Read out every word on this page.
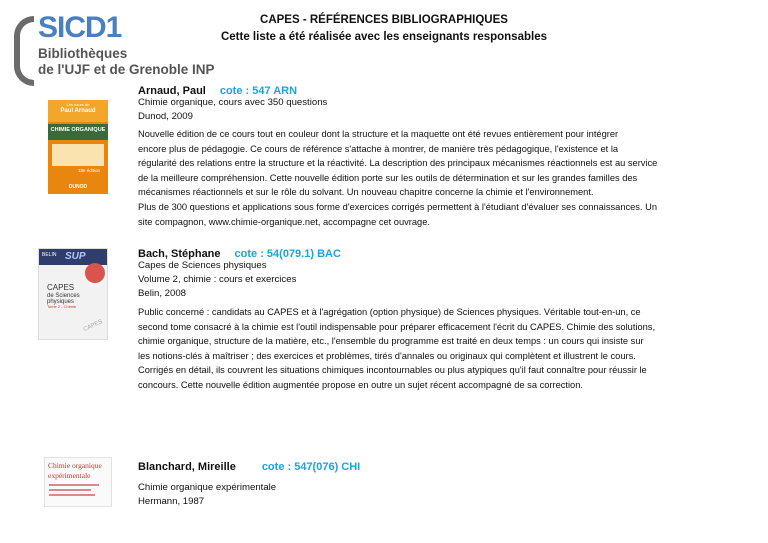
SICD1
Bibliothèques
de l'UJF et de Grenoble INP
CAPES - RÉFÉRENCES BIBLIOGRAPHIQUES
Cette liste a été réalisée avec les enseignants responsables
Les cours de
Paul Arnaud
CHIMIE ORGANIQUE
18e édition
DUNOD
Arnaud, Paul cote : 547 ARN
Chimie organique, cours avec 350 questions
Dunod, 2009
Nouvelle édition de ce cours tout en couleur dont la structure et la maquette ont été revues entièrement pour intégrer
encore plus de pédagogie. Ce cours de référence s'attache à montrer, de manière très pédagogique, l'existence et la
régularité des relations entre la structure et la réactivité. La description des principaux mécanismes réactionnels est au service
de la meilleure compréhension. Cette nouvelle édition porte sur les outils de détermination et sur les grandes familles des
mécanismes réactionnels et sur le rôle du solvant. Un nouveau chapitre concerne la chimie et l'environnement.
Plus de 300 questions et applications sous forme d'exercices corrigés permettent à l'étudiant d'évaluer ses connaissances. Un
site compagnon, www.chimie-organique.net, accompagne cet ouvrage.
BELIN SUP
CAPES
de Sciences physiques
Tome 2 - Chimie
CAPES
Bach, Stéphane cote : 54(079.1) BAC
Capes de Sciences physiques
Volume 2, chimie : cours et exercices
Belin, 2008
Public concerné : candidats au CAPES et à l'agrégation (option physique) de Sciences physiques. Véritable tout-en-un, ce
second tome consacré à la chimie est l'outil indispensable pour préparer efficacement l'écrit du CAPES. Chimie des solutions,
chimie organique, structure de la matière, etc., l'ensemble du programme est traité en deux temps : un cours qui insiste sur
les notions-clés à maîtriser ; des exercices et problèmes, tirés d'annales ou originaux qui complètent et illustrent le cours.
Corrigés en détail, ils couvrent les situations chimiques incontournables ou plus atypiques qu'il faut connaître pour réussir le
concours. Cette nouvelle édition augmentée propose en outre un sujet récent accompagné de sa correction.
Chimie organique
expérimentale
Blanchard, Mireille cote : 547(076) CHI
Chimie organique expérimentale
Hermann, 1987
